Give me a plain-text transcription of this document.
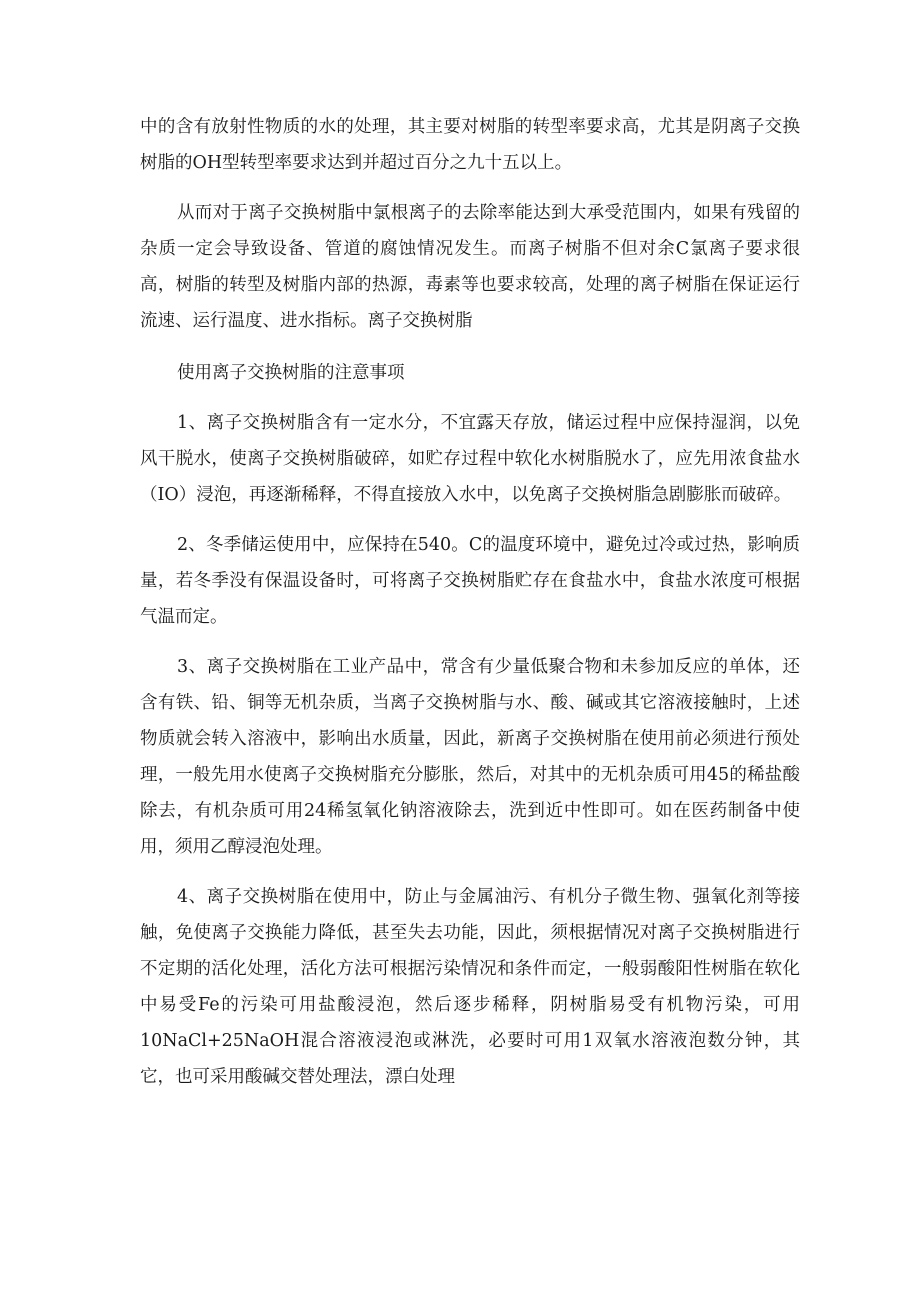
中的含有放射性物质的水的处理，其主要对树脂的转型率要求高，尤其是阴离子交换树脂的OH型转型率要求达到并超过百分之九十五以上。

从而对于离子交换树脂中氯根离子的去除率能达到大承受范围内，如果有残留的杂质一定会导致设备、管道的腐蚀情况发生。而离子树脂不但对余C氯离子要求很高，树脂的转型及树脂内部的热源，毒素等也要求较高，处理的离子树脂在保证运行流速、运行温度、进水指标。离子交换树脂

使用离子交换树脂的注意事项

1、离子交换树脂含有一定水分，不宜露天存放，储运过程中应保持湿润，以免风干脱水，使离子交换树脂破碎，如贮存过程中软化水树脂脱水了，应先用浓食盐水（IO）浸泡，再逐渐稀释，不得直接放入水中，以免离子交换树脂急剧膨胀而破碎。

2、冬季储运使用中，应保持在540。C的温度环境中，避免过冷或过热，影响质量，若冬季没有保温设备时，可将离子交换树脂贮存在食盐水中，食盐水浓度可根据气温而定。

3、离子交换树脂在工业产品中，常含有少量低聚合物和未参加反应的单体，还含有铁、铅、铜等无机杂质，当离子交换树脂与水、酸、碱或其它溶液接触时，上述物质就会转入溶液中，影响出水质量，因此，新离子交换树脂在使用前必须进行预处理，一般先用水使离子交换树脂充分膨胀，然后，对其中的无机杂质可用45的稀盐酸除去，有机杂质可用24稀氢氧化钠溶液除去，洗到近中性即可。如在医药制备中使用，须用乙醇浸泡处理。

4、离子交换树脂在使用中，防止与金属油污、有机分子微生物、强氧化剂等接触，免使离子交换能力降低，甚至失去功能，因此，须根据情况对离子交换树脂进行不定期的活化处理，活化方法可根据污染情况和条件而定，一般弱酸阳性树脂在软化中易受Fe的污染可用盐酸浸泡，然后逐步稀释，阴树脂易受有机物污染，可用10NaCl+25NaOH混合溶液浸泡或淋洗，必要时可用1双氧水溶液泡数分钟，其它，也可采用酸碱交替处理法，漂白处理
